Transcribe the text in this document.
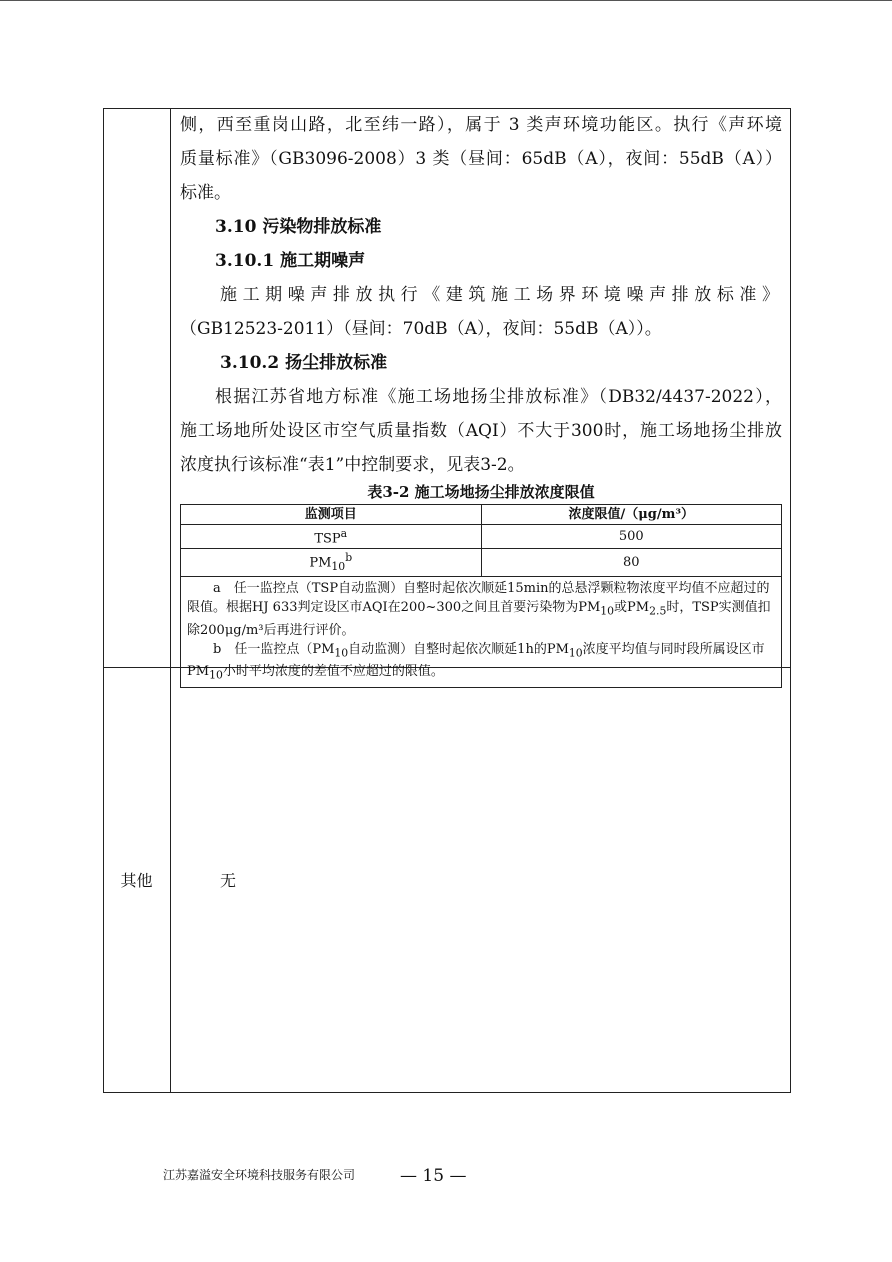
侧，西至重岗山路，北至纬一路），属于 3 类声环境功能区。执行《声环境
质量标准》（GB3096-2008）3 类（昼间：65dB（A），夜间：55dB（A））
标准。
3.10 污染物排放标准
3.10.1 施工期噪声
施工期噪声排放执行《建筑施工场界环境噪声排放标准》
（GB12523-2011）（昼间：70dB（A），夜间：55dB（A））。
3.10.2 扬尘排放标准
根据江苏省地方标准《施工场地扬尘排放标准》（DB32/4437-2022），
施工场地所处设区市空气质量指数（AQI）不大于300时，施工场地扬尘排放
浓度执行该标准“表1”中控制要求，见表3-2。
表3-2 施工场地扬尘排放浓度限值
监测项目	浓度限值/（μg/m³）
TSP$^a$	500
$PM_{10}^b$	80

a　任一监控点（TSP自动监测）自整时起依次顺延15min的总悬浮颗粒物浓度平均值不应超过的限值。根据HJ 633判定设区市AQI在200~300之间且首要污染物为$PM_{10}$或$PM_{2.5}$时，TSP实测值扣除200μg/m³后再进行评价。
b　任一监控点（$PM_{10}$自动监测）自整时起依次顺延1h的$PM_{10}$浓度平均值与同时段所属设区市$PM_{10}$小时平均浓度的差值不应超过的限值。	
其他	无
江苏嘉溢安全环境科技服务有限公司	— 15 —
